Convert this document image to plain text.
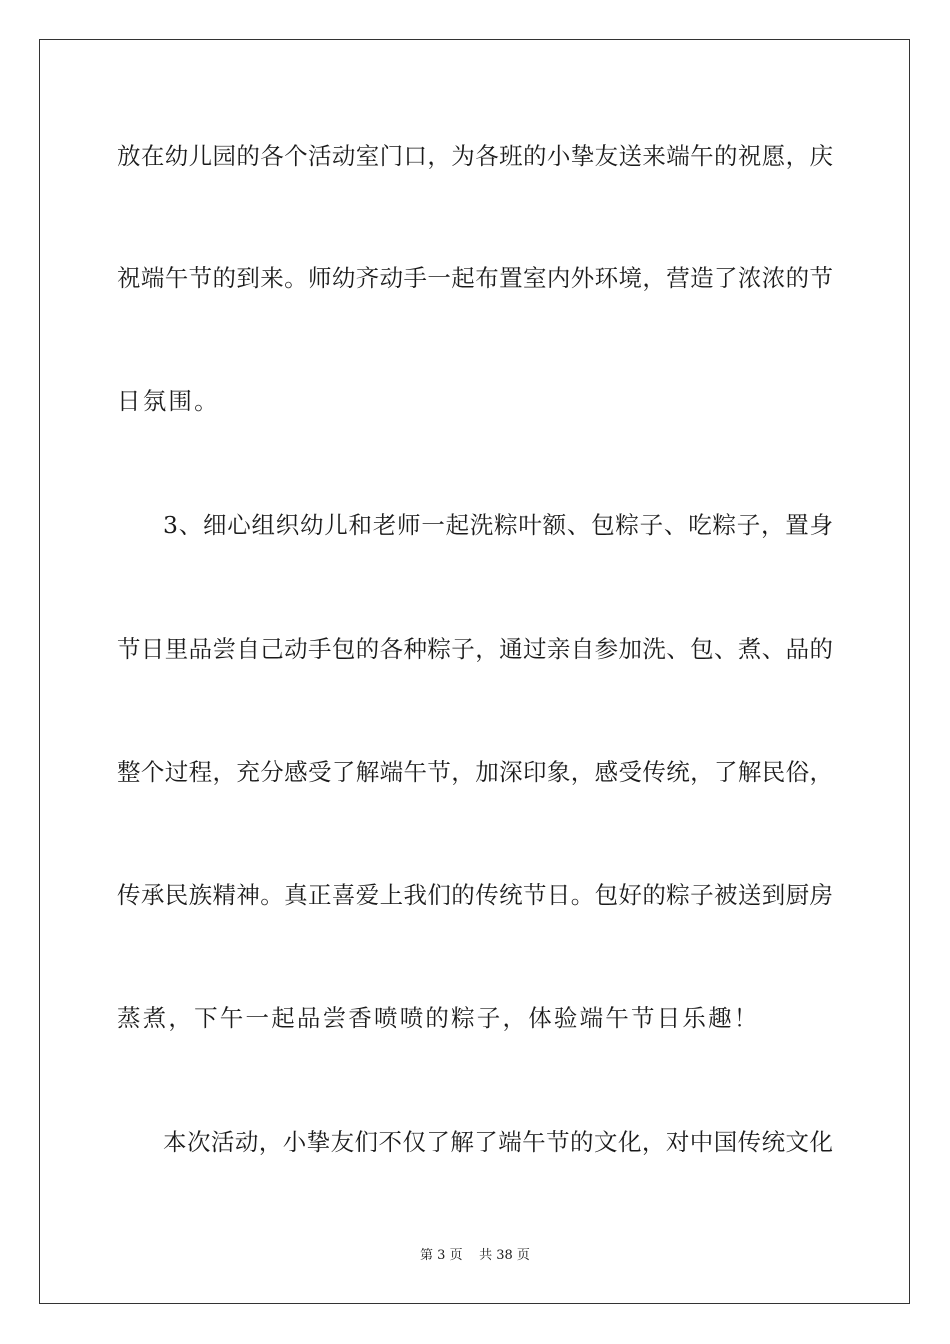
放在幼儿园的各个活动室门口，为各班的小挚友送来端午的祝愿，庆
祝端午节的到来。师幼齐动手一起布置室内外环境，营造了浓浓的节
日氛围。
3、细心组织幼儿和老师一起洗粽叶额、包粽子、吃粽子，置身
节日里品尝自己动手包的各种粽子，通过亲自参加洗、包、煮、品的
整个过程，充分感受了解端午节，加深印象，感受传统，了解民俗，
传承民族精神。真正喜爱上我们的传统节日。包好的粽子被送到厨房
蒸煮，下午一起品尝香喷喷的粽子，体验端午节日乐趣！
本次活动，小挚友们不仅了解了端午节的文化，对中国传统文化
第 3 页 共 38 页
